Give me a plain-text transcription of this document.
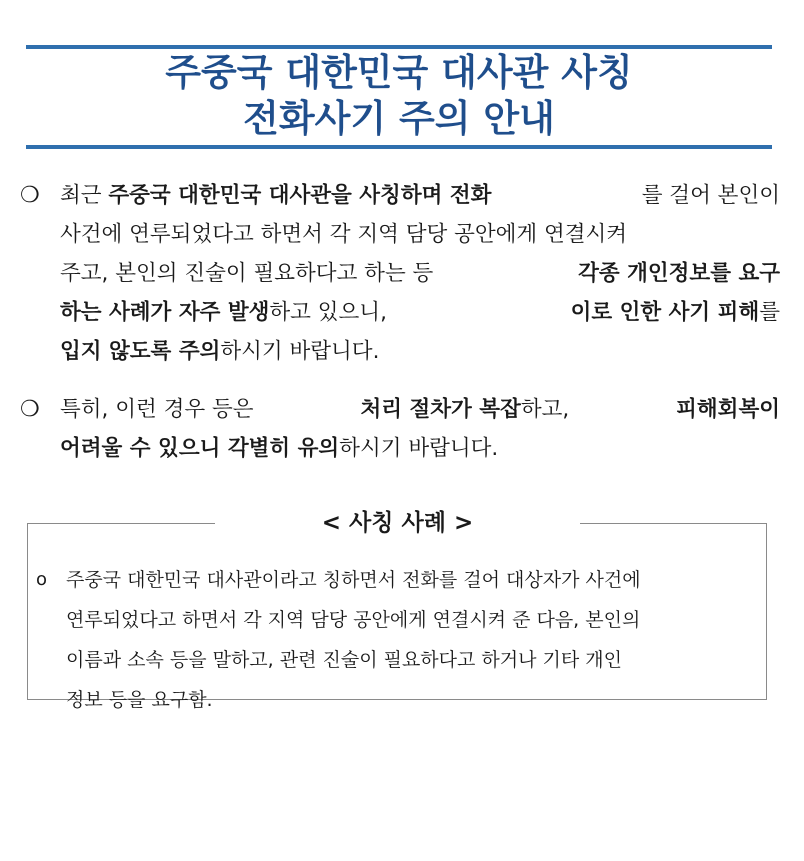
주중국 대한민국 대사관 사칭
전화사기 주의 안내
❍ 최근 주중국 대한민국 대사관을 사칭하며 전화	를 걸어 본인이
사건에 연루되었다고 하면서 각 지역 담당 공안에게 연결시켜
주고, 본인의 진술이 필요하다고 하는 등	각종 개인정보를 요구
하는 사례가 자주 발생하고 있으니,	이로 인한 사기 피해를
입지 않도록 주의 하시기 바랍니다.
❍ 특히, 이런 경우 등은	처리 절차가 복잡하고,	피해회복이
어려울 수 있으니 각별히 유의 하시기 바랍니다.
< 사칭 사례 >
o 주중국 대한민국 대사관이라고 칭하면서 전화를 걸어 대상자가 사건에
연루되었다고 하면서 각 지역 담당 공안에게 연결시켜 준 다음, 본인의
이름과 소속 등을 말하고, 관련 진술이 필요하다고 하거나 기타 개인
정보 등을 요구함.
